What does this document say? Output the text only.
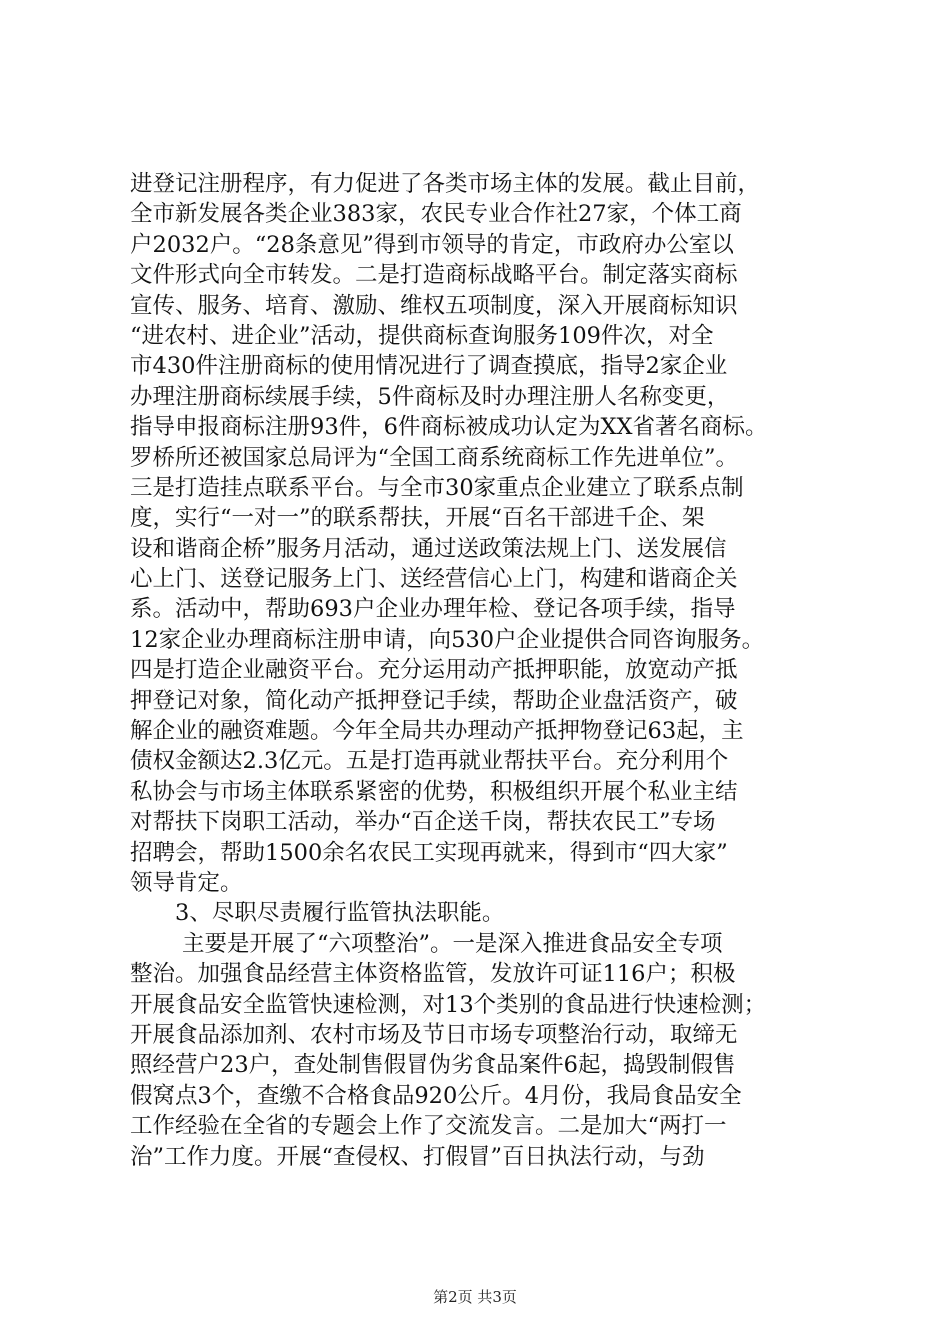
进登记注册程序，有力促进了各类市场主体的发展。截止目前，
全市新发展各类企业383家，农民专业合作社27家，个体工商
户2032户。“28条意见”得到市领导的肯定，市政府办公室以
文件形式向全市转发。二是打造商标战略平台。制定落实商标
宣传、服务、培育、激励、维权五项制度，深入开展商标知识
“进农村、进企业”活动，提供商标查询服务109件次，对全
市430件注册商标的使用情况进行了调查摸底，指导2家企业
办理注册商标续展手续，5件商标及时办理注册人名称变更，
指导申报商标注册93件，6件商标被成功认定为XX省著名商标。
罗桥所还被国家总局评为“全国工商系统商标工作先进单位”。
三是打造挂点联系平台。与全市30家重点企业建立了联系点制
度，实行“一对一”的联系帮扶，开展“百名干部进千企、架
设和谐商企桥”服务月活动，通过送政策法规上门、送发展信
心上门、送登记服务上门、送经营信心上门，构建和谐商企关
系。活动中，帮助693户企业办理年检、登记各项手续，指导
12家企业办理商标注册申请，向530户企业提供合同咨询服务。
四是打造企业融资平台。充分运用动产抵押职能，放宽动产抵
押登记对象，简化动产抵押登记手续，帮助企业盘活资产，破
解企业的融资难题。今年全局共办理动产抵押物登记63起，主
债权金额达2.3亿元。五是打造再就业帮扶平台。充分利用个
私协会与市场主体联系紧密的优势，积极组织开展个私业主结
对帮扶下岗职工活动，举办“百企送千岗，帮扶农民工”专场
招聘会，帮助1500余名农民工实现再就来，得到市“四大家”
领导肯定。
3、尽职尽责履行监管执法职能。
主要是开展了“六项整治”。一是深入推进食品安全专项
整治。加强食品经营主体资格监管，发放许可证116户；积极
开展食品安全监管快速检测，对13个类别的食品进行快速检测；
开展食品添加剂、农村市场及节日市场专项整治行动，取缔无
照经营户23户，查处制售假冒伪劣食品案件6起，捣毁制假售
假窝点3个，查缴不合格食品920公斤。4月份，我局食品安全
工作经验在全省的专题会上作了交流发言。二是加大“两打一
治”工作力度。开展“查侵权、打假冒”百日执法行动，与劲
第2页 共3页
